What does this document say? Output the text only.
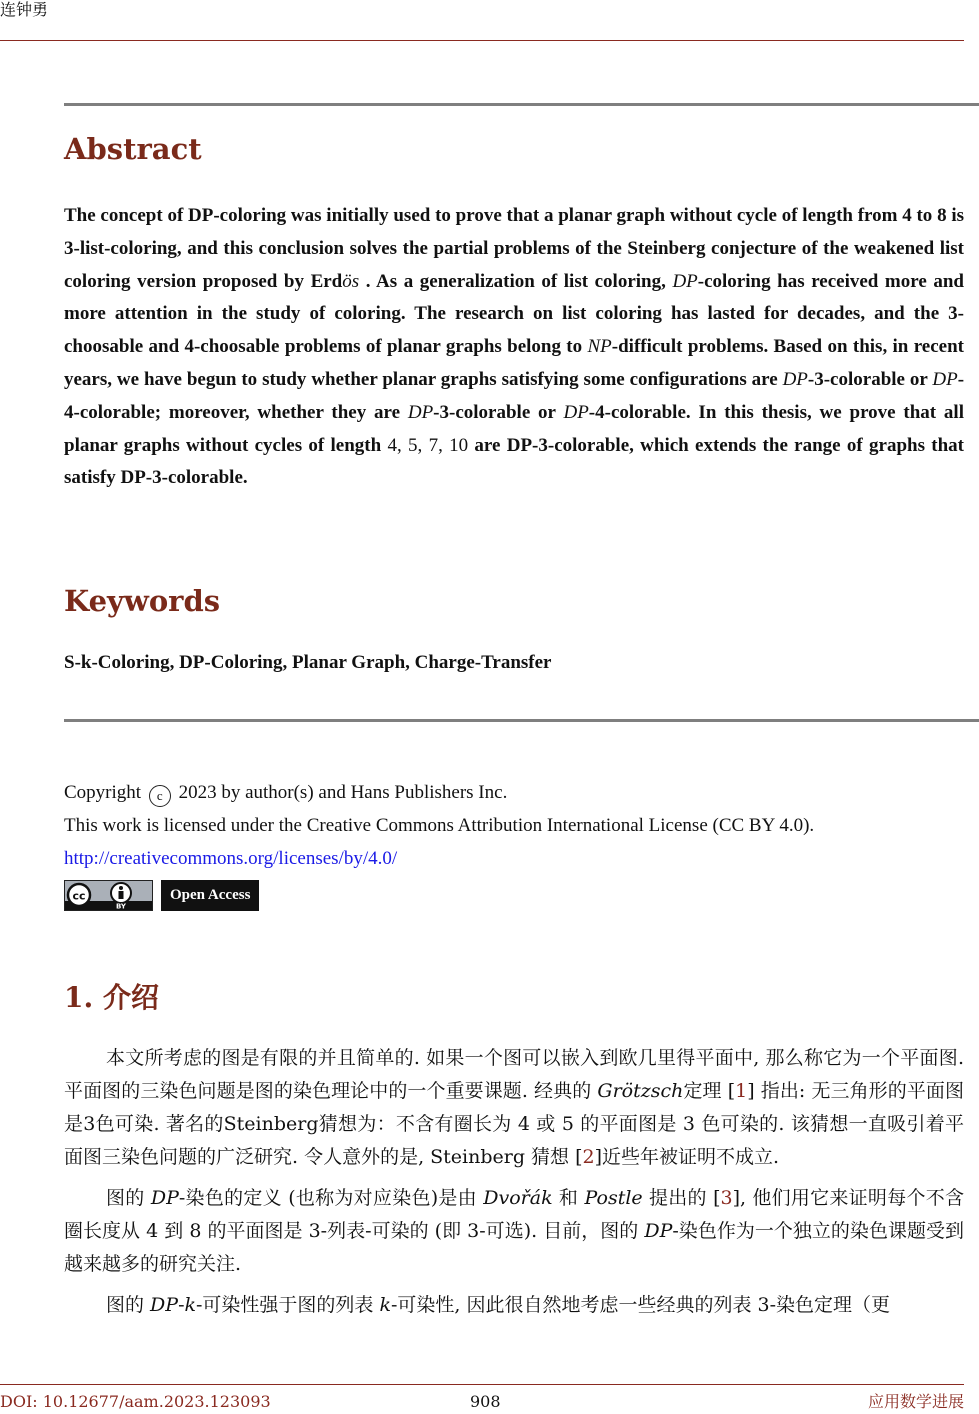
连钟勇
Abstract
The concept of DP-coloring was initially used to prove that a planar graph without cycle of length from 4 to 8 is 3-list-coloring, and this conclusion solves the partial problems of the Steinberg conjecture of the weakened list coloring version proposed by Erdös . As a generalization of list coloring, DP-coloring has received more and more attention in the study of coloring. The research on list coloring has lasted for decades, and the 3-choosable and 4-choosable problems of planar graphs belong to NP-difficult problems. Based on this, in recent years, we have begun to study whether planar graphs satisfying some configurations are DP-3-colorable or DP-4-colorable; moreover, whether they are DP-3-colorable or DP-4-colorable. In this thesis, we prove that all planar graphs without cycles of length 4, 5, 7, 10 are DP-3-colorable, which extends the range of graphs that satisfy DP-3-colorable.
Keywords
S-k-Coloring, DP-Coloring, Planar Graph, Charge-Transfer
Copyright c 2023 by author(s) and Hans Publishers Inc.
This work is licensed under the Creative Commons Attribution International License (CC BY 4.0).
http://creativecommons.org/licenses/by/4.0/
cc
BY
Open Access
1. 介绍

本文所考虑的图是有限的并且简单的. 如果一个图可以嵌入到欧几里得平面中, 那么称它为一个平面图. 平面图的三染色问题是图的染色理论中的一个重要课题. 经典的 Grötzsch定理 [1] 指出: 无三角形的平面图是3色可染. 著名的Steinberg猜想为：不含有圈长为 4 或 5 的平面图是 3 色可染的. 该猜想一直吸引着平面图三染色问题的广泛研究. 令人意外的是, Steinberg 猜想 [2]近些年被证明不成立.

图的 DP-染色的定义 (也称为对应染色)是由 Dvořák 和 Postle 提出的 [3], 他们用它来证明每个不含圈长度从 4 到 8 的平面图是 3-列表-可染的 (即 3-可选). 目前，图的 DP-染色作为一个独立的染色课题受到越来越多的研究关注.

图的 DP-k-可染性强于图的列表 k-可染性, 因此很自然地考虑一些经典的列表 3-染色定理（更

DOI: 10.12677/aam.2023.123093	908	应用数学进展
